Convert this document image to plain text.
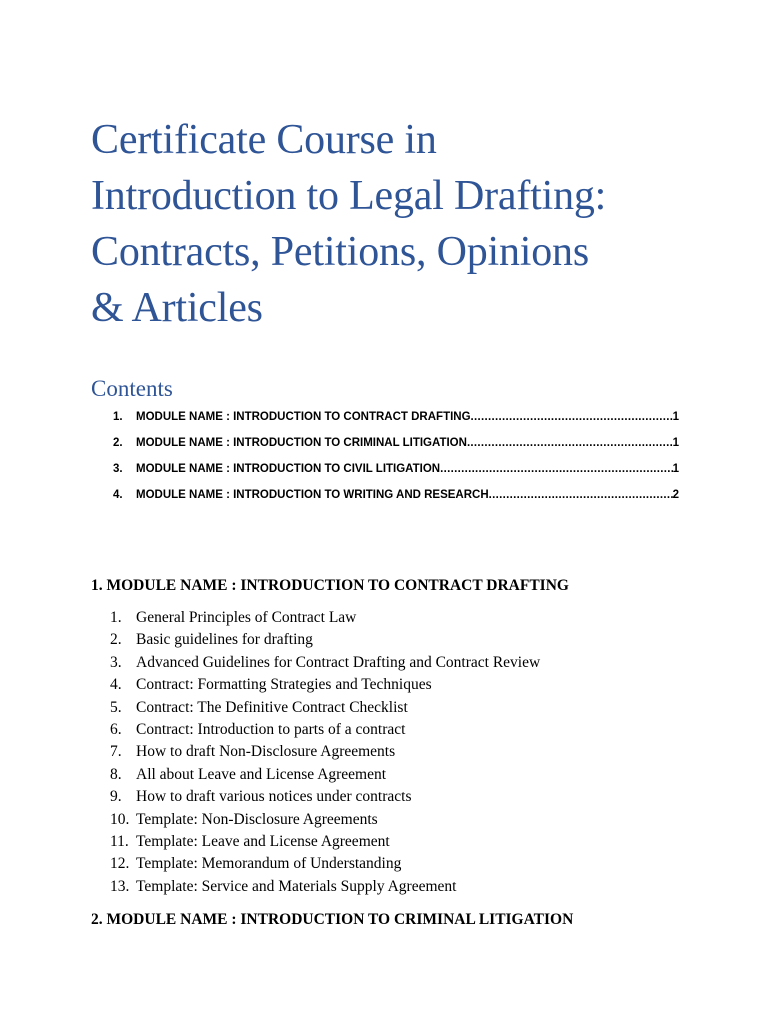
Certificate Course in
Introduction to Legal Drafting:
Contracts, Petitions, Opinions
& Articles
Contents
1.	MODULE NAME : INTRODUCTION TO CONTRACT DRAFTING .....	1
2.	MODULE NAME : INTRODUCTION TO CRIMINAL LITIGATION .....	1
3.	MODULE NAME : INTRODUCTION TO CIVIL LITIGATION .....	1
4.	MODULE NAME : INTRODUCTION TO WRITING AND RESEARCH .....	2
1. MODULE NAME : INTRODUCTION TO CONTRACT DRAFTING
1. General Principles of Contract Law
2. Basic guidelines for drafting
3. Advanced Guidelines for Contract Drafting and Contract Review
4. Contract: Formatting Strategies and Techniques
5. Contract: The Definitive Contract Checklist
6. Contract: Introduction to parts of a contract
7. How to draft Non-Disclosure Agreements
8. All about Leave and License Agreement
9. How to draft various notices under contracts
10. Template: Non-Disclosure Agreements
11. Template: Leave and License Agreement
12. Template: Memorandum of Understanding
13. Template: Service and Materials Supply Agreement
2. MODULE NAME : INTRODUCTION TO CRIMINAL LITIGATION
